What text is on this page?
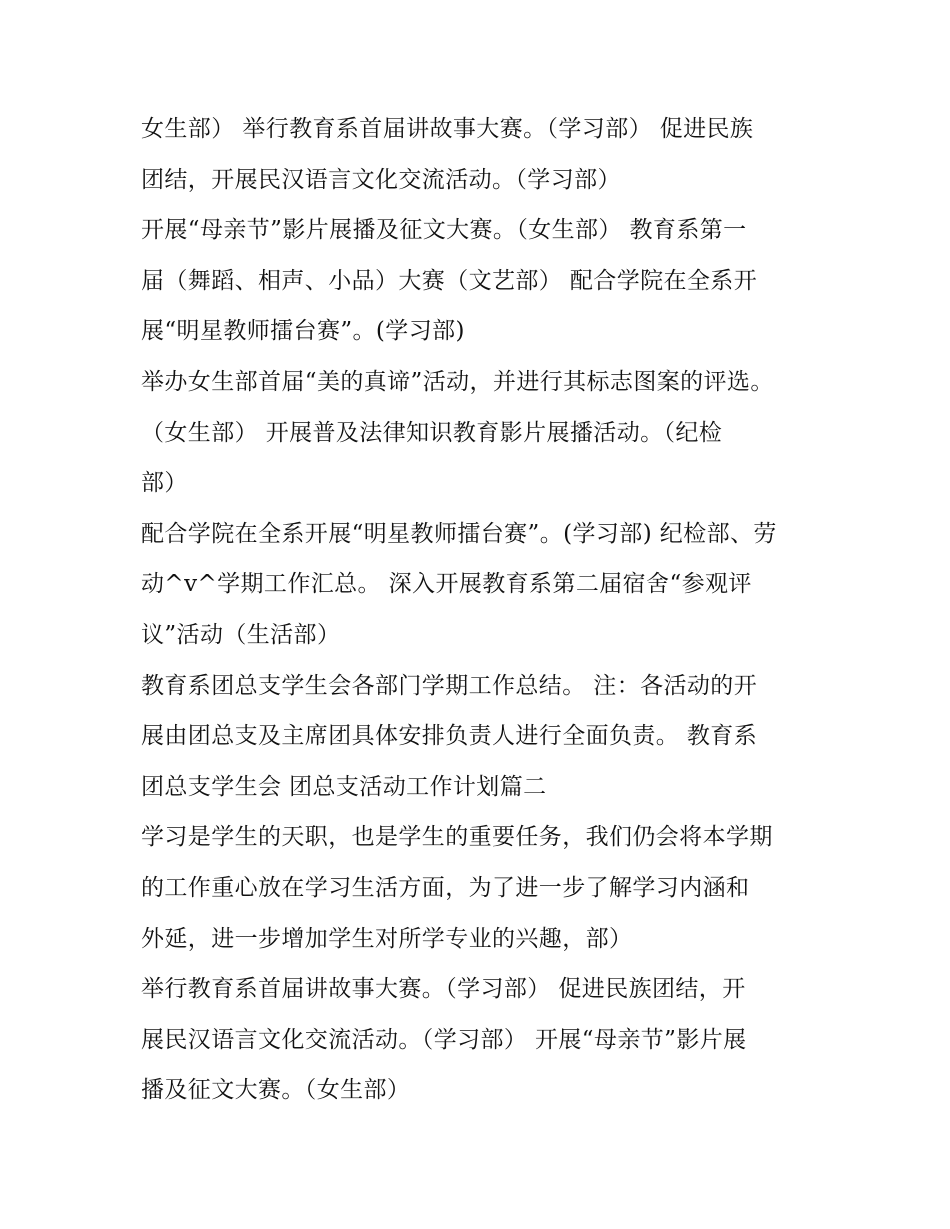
女生部） 举行教育系首届讲故事大赛。（学习部） 促进民族
团结，开展民汉语言文化交流活动。（学习部）
开展“母亲节”影片展播及征文大赛。（女生部） 教育系第一
届（舞蹈、相声、小品）大赛（文艺部） 配合学院在全系开
展“明星教师擂台赛”。(学习部)
举办女生部首届“美的真谛”活动，并进行其标志图案的评选。
（女生部） 开展普及法律知识教育影片展播活动。（纪检
部）
配合学院在全系开展“明星教师擂台赛”。(学习部) 纪检部、劳
动^v^学期工作汇总。 深入开展教育系第二届宿舍“参观评
议”活动（生活部）
教育系团总支学生会各部门学期工作总结。 注：各活动的开
展由团总支及主席团具体安排负责人进行全面负责。 教育系
团总支学生会 团总支活动工作计划篇二
学习是学生的天职，也是学生的重要任务，我们仍会将本学期
的工作重心放在学习生活方面，为了进一步了解学习内涵和
外延，进一步增加学生对所学专业的兴趣，部）
举行教育系首届讲故事大赛。（学习部） 促进民族团结，开
展民汉语言文化交流活动。（学习部） 开展“母亲节”影片展
播及征文大赛。（女生部）
